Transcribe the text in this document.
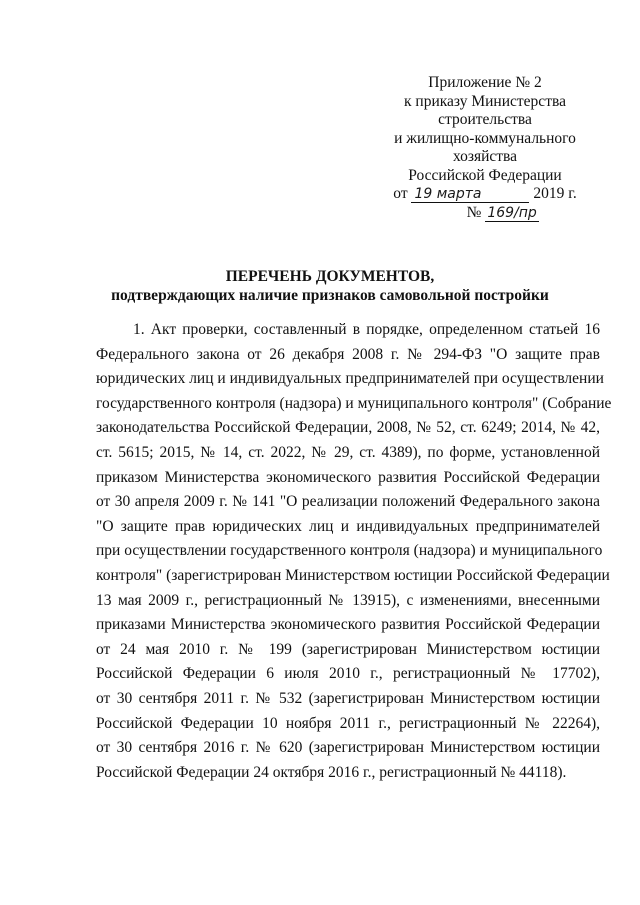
Приложение № 2
к приказу Министерства
строительства
и жилищно-коммунального
хозяйства
Российской Федерации
от 19 марта	2019 г.
№ 169/пр
ПЕРЕЧЕНЬ ДОКУМЕНТОВ,
подтверждающих наличие признаков самовольной постройки
1. Акт проверки, составленный в порядке, определенном статьей 16
Федерального закона от 26 декабря 2008 г. № 294-ФЗ "О защите прав
юридических лиц и индивидуальных предпринимателей при осуществлении
государственного контроля (надзора) и муниципального контроля" (Собрание
законодательства Российской Федерации, 2008, № 52, ст. 6249; 2014, № 42,
ст. 5615; 2015, № 14, ст. 2022, № 29, ст. 4389), по форме, установленной
приказом Министерства экономического развития Российской Федерации
от 30 апреля 2009 г. № 141 "О реализации положений Федерального закона
"О защите прав юридических лиц и индивидуальных предпринимателей
при осуществлении государственного контроля (надзора) и муниципального
контроля" (зарегистрирован Министерством юстиции Российской Федерации
13 мая 2009 г., регистрационный № 13915), с изменениями, внесенными
приказами Министерства экономического развития Российской Федерации
от 24 мая 2010 г. № 199 (зарегистрирован Министерством юстиции
Российской Федерации 6 июля 2010 г., регистрационный № 17702),
от 30 сентября 2011 г. № 532 (зарегистрирован Министерством юстиции
Российской Федерации 10 ноября 2011 г., регистрационный № 22264),
от 30 сентября 2016 г. № 620 (зарегистрирован Министерством юстиции
Российской Федерации 24 октября 2016 г., регистрационный № 44118).
